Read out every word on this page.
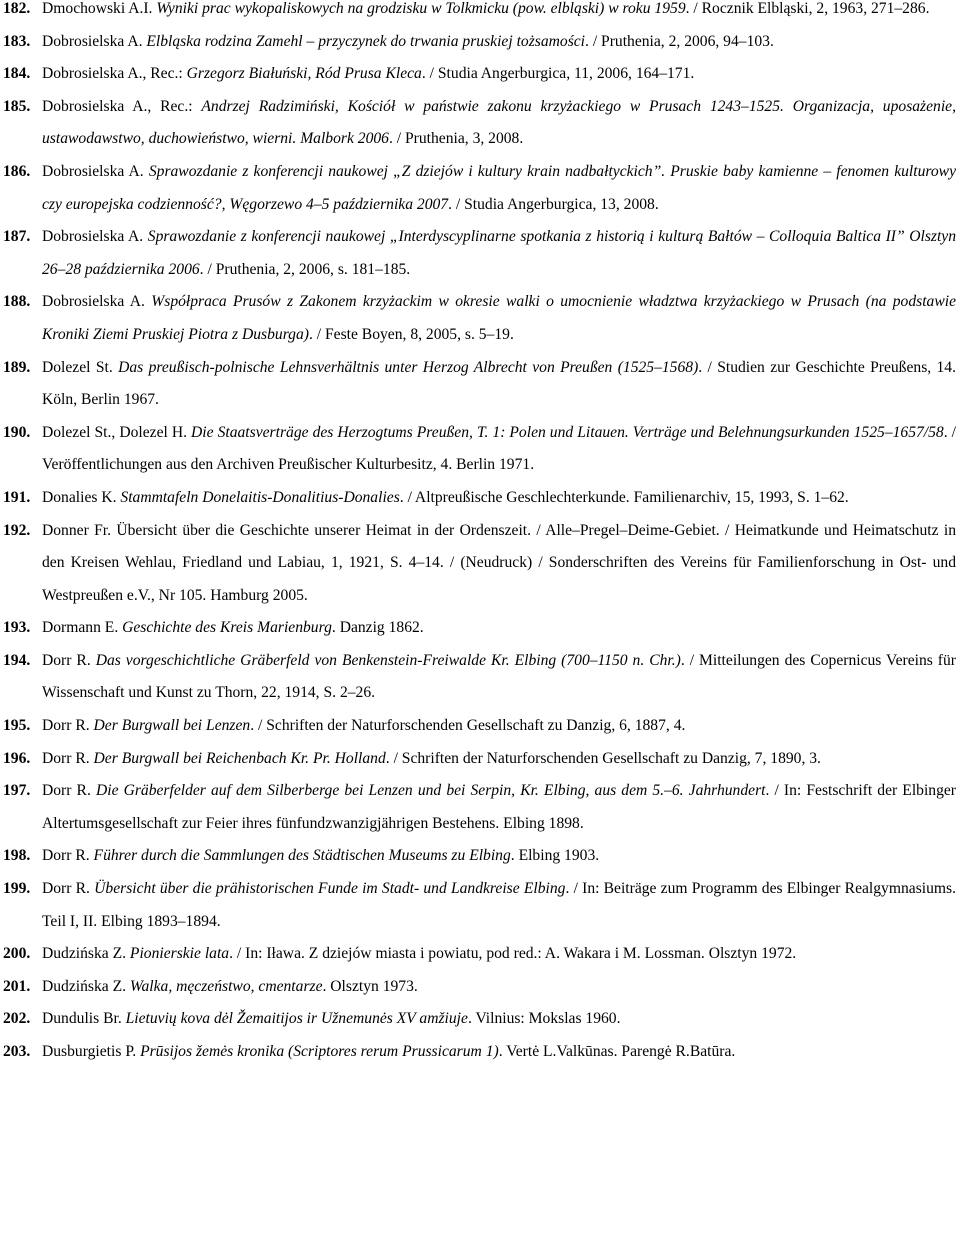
182. Dmochowski A.I. Wyniki prac wykopaliskowych na grodzisku w Tolkmicku (pow. elbląski) w roku 1959. / Rocznik Elbląski, 2, 1963, 271–286.
183. Dobrosielska A. Elbląska rodzina Zamehl – przyczynek do trwania pruskiej tożsamości. / Pruthenia, 2, 2006, 94–103.
184. Dobrosielska A., Rec.: Grzegorz Białuński, Ród Prusa Kleca. / Studia Angerburgica, 11, 2006, 164–171.
185. Dobrosielska A., Rec.: Andrzej Radzimiński, Kościół w państwie zakonu krzyżackiego w Prusach 1243–1525. Organizacja, uposażenie, ustawodawstwo, duchowieństwo, wierni. Malbork 2006. / Pruthenia, 3, 2008.
186. Dobrosielska A. Sprawozdanie z konferencji naukowej „Z dziejów i kultury krain nadbałtyckich”. Pruskie baby kamienne – fenomen kulturowy czy europejska codzienność?, Węgorzewo 4–5 października 2007. / Studia Angerburgica, 13, 2008.
187. Dobrosielska A. Sprawozdanie z konferencji naukowej „Interdyscyplinarne spotkania z historią i kulturą Bałtów – Colloquia Baltica II” Olsztyn 26–28 października 2006. / Pruthenia, 2, 2006, s. 181–185.
188. Dobrosielska A. Współpraca Prusów z Zakonem krzyżackim w okresie walki o umocnienie władztwa krzyżackiego w Prusach (na podstawie Kroniki Ziemi Pruskiej Piotra z Dusburga). / Feste Boyen, 8, 2005, s. 5–19.
189. Dolezel St. Das preußisch-polnische Lehnsverhältnis unter Herzog Albrecht von Preußen (1525–1568). / Studien zur Geschichte Preußens, 14. Köln, Berlin 1967.
190. Dolezel St., Dolezel H. Die Staatsverträge des Herzogtums Preußen, T. 1: Polen und Litauen. Verträge und Belehnungsurkunden 1525–1657/58. / Veröffentlichungen aus den Archiven Preußischer Kulturbesitz, 4. Berlin 1971.
191. Donalies K. Stammtafeln Donelaitis-Donalitius-Donalies. / Altpreußische Geschlechterkunde. Familienarchiv, 15, 1993, S. 1–62.
192. Donner Fr. Übersicht über die Geschichte unserer Heimat in der Ordenszeit. / Alle–Pregel–Deime-Gebiet. / Heimatkunde und Heimatschutz in den Kreisen Wehlau, Friedland und Labiau, 1, 1921, S. 4–14. / (Neudruck) / Sonderschriften des Vereins für Familienforschung in Ost- und Westpreußen e.V., Nr 105. Hamburg 2005.
193. Dormann E. Geschichte des Kreis Marienburg. Danzig 1862.
194. Dorr R. Das vorgeschichtliche Gräberfeld von Benkenstein-Freiwalde Kr. Elbing (700–1150 n. Chr.). / Mitteilungen des Copernicus Vereins für Wissenschaft und Kunst zu Thorn, 22, 1914, S. 2–26.
195. Dorr R. Der Burgwall bei Lenzen. / Schriften der Naturforschenden Gesellschaft zu Danzig, 6, 1887, 4.
196. Dorr R. Der Burgwall bei Reichenbach Kr. Pr. Holland. / Schriften der Naturforschenden Gesellschaft zu Danzig, 7, 1890, 3.
197. Dorr R. Die Gräberfelder auf dem Silberberge bei Lenzen und bei Serpin, Kr. Elbing, aus dem 5.–6. Jahrhundert. / In: Festschrift der Elbinger Altertumsgesellschaft zur Feier ihres fünfundzwanzigjährigen Bestehens. Elbing 1898.
198. Dorr R. Führer durch die Sammlungen des Städtischen Museums zu Elbing. Elbing 1903.
199. Dorr R. Übersicht über die prähistorischen Funde im Stadt- und Landkreise Elbing. / In: Beiträge zum Programm des Elbinger Realgymnasiums. Teil I, II. Elbing 1893–1894.
200. Dudzińska Z. Pionierskie lata. / In: Iława. Z dziejów miasta i powiatu, pod red.: A. Wakara i M. Lossman. Olsztyn 1972.
201. Dudzińska Z. Walka, męczeństwo, cmentarze. Olsztyn 1973.
202. Dundulis Br. Lietuvių kova dėl Žemaitijos ir Užnemunės XV amžiuje. Vilnius: Mokslas 1960.
203. Dusburgietis P. Prūsijos žemės kronika (Scriptores rerum Prussicarum 1). Vertė L.Valkūnas. Parengė R.Batūra.
